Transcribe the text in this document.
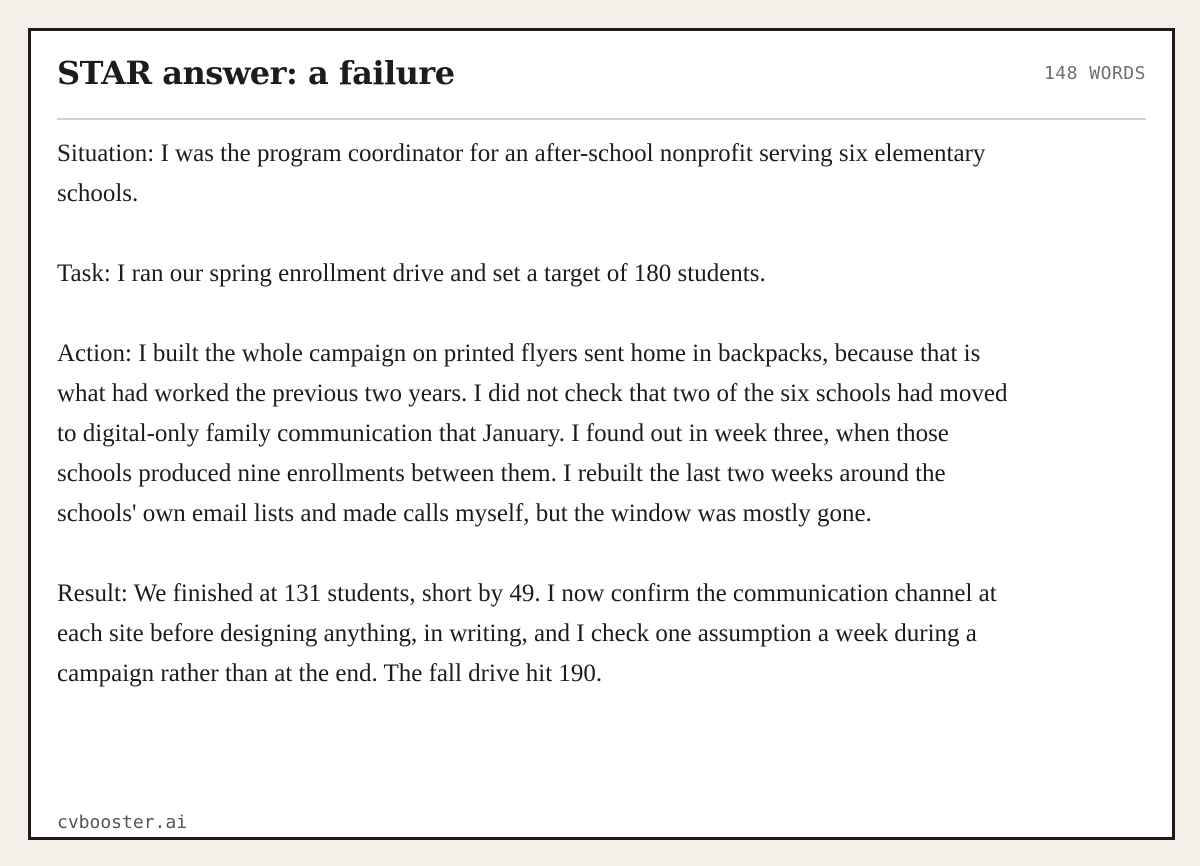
STAR answer: a failure	148 WORDS

Situation: I was the program coordinator for an after-school nonprofit serving six elementary schools.

Task: I ran our spring enrollment drive and set a target of 180 students.

Action: I built the whole campaign on printed flyers sent home in backpacks, because that is what had worked the previous two years. I did not check that two of the six schools had moved to digital-only family communication that January. I found out in week three, when those schools produced nine enrollments between them. I rebuilt the last two weeks around the schools' own email lists and made calls myself, but the window was mostly gone.

Result: We finished at 131 students, short by 49. I now confirm the communication channel at each site before designing anything, in writing, and I check one assumption a week during a campaign rather than at the end. The fall drive hit 190.

cvbooster.ai
